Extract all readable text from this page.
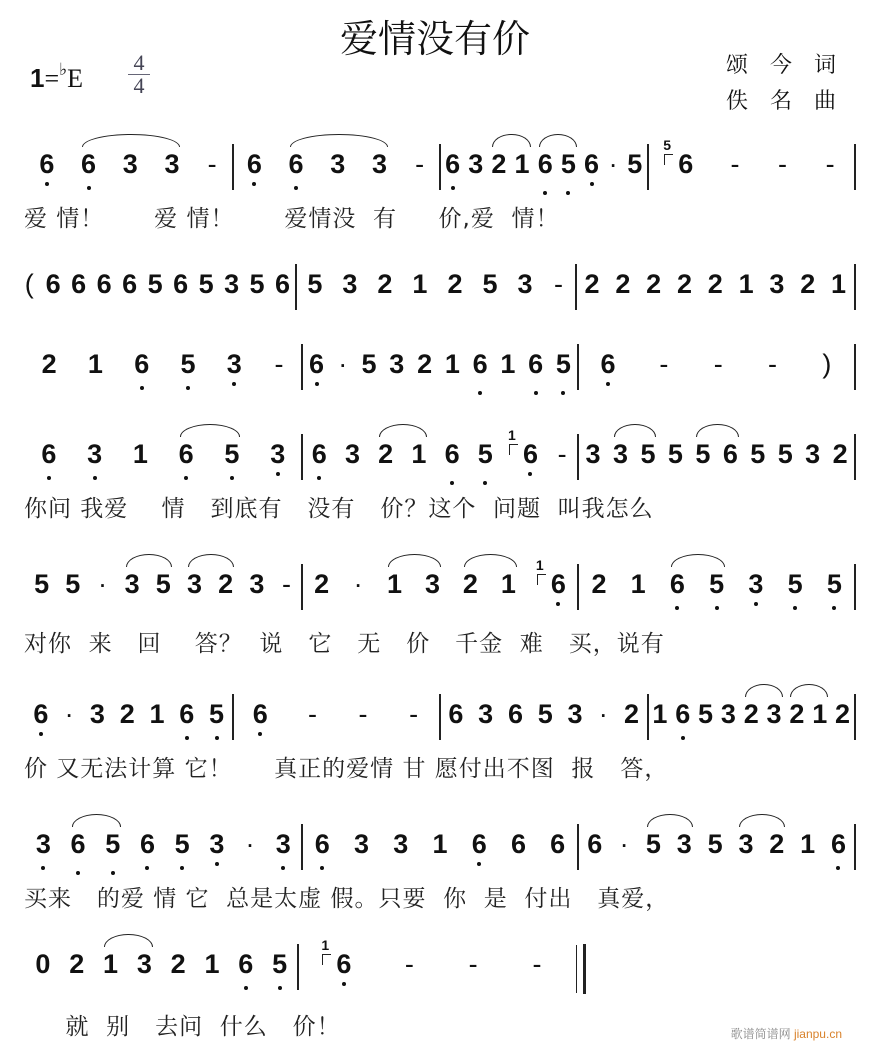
爱情没有价
1=♭E
4
4
颂今词
佚名曲
6 6 3 3 - 6 6 3 3 - 6 3 2 1 6 5 6 · 5 6
5
- - -
爱 情！      爱 情！      爱情没  有     价,爱  情！
( 6 6 6 6 5 6 5 3 5 6 5 3 2 1 2 5 3 - 2 2 2 2 2 1 3 2 1
2 1 6 5 3 - 6 · 5 3 2 1 6 1 6 5 6 - - - )
6 3 1 6 5 3 6 3 2 1 6 5 6
1
- 3 3 5 5 5 6 5 5 3 2
你问 我爱    情   到底有   没有   价？这个  问题  叫我怎么
5 5 · 3 5 3 2 3 - 2 · 1 3 2 1 6
1
2 1 6 5 3 5 5
对你  来   回    答？  说   它   无   价   千金  难   买，说有
6 · 3 2 1 6 5 6 - - - 6 3 6 5 3 · 2 1 6 5 3 2 3 2 1 2
价 又无法计算 它！     真正的爱情 甘 愿付出不图  报   答，
3 6 5 6 5 3 · 3 6 3 3 1 6 6 6 6 · 5 3 5 3 2 1 6
买来   的爱 情 它  总是太虚 假。只要  你  是  付出   真爱，
0 2 1 3 2 1 6 5 6
1
- - -
就  别   去问  什么   价！	歌谱简谱网 jianpu.cn
